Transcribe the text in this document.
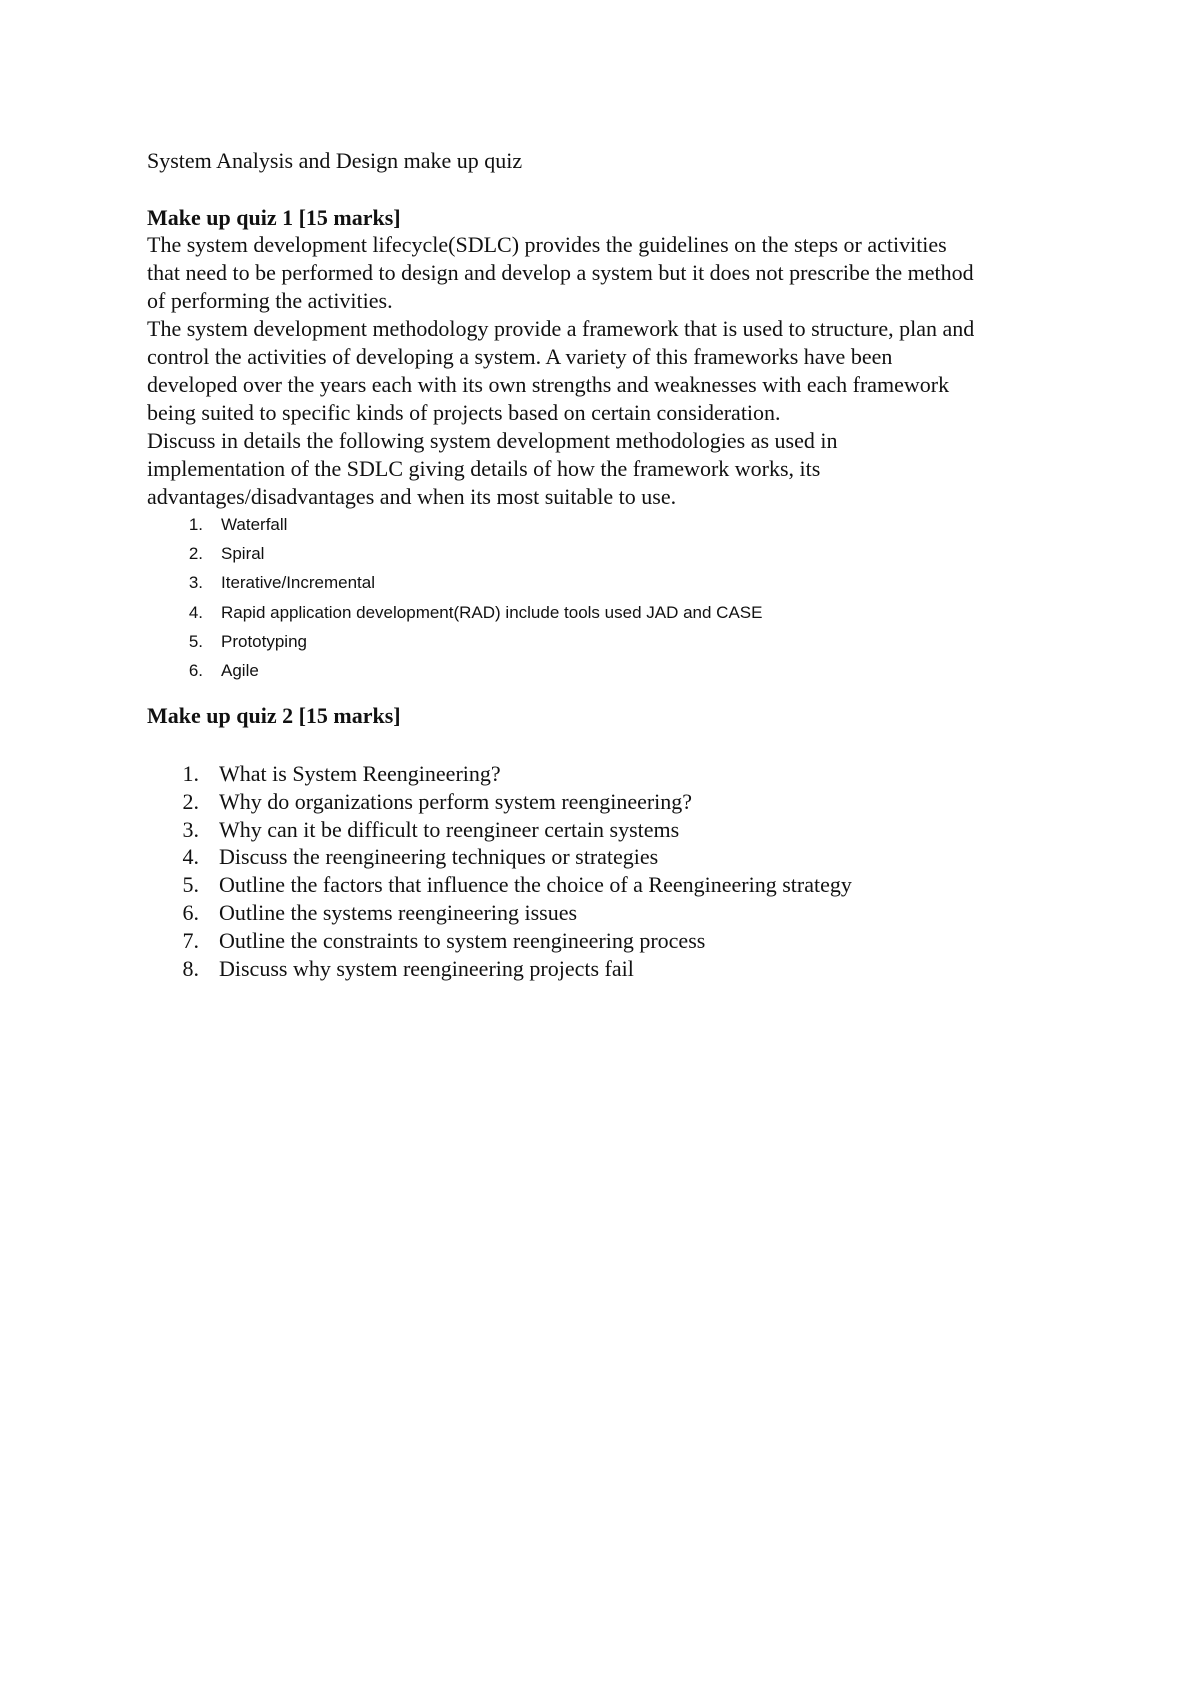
System Analysis and Design make up quiz
Make up quiz 1 [15 marks]
The system development lifecycle(SDLC) provides the guidelines on the steps or activities
that need to be performed to design and develop a system but it does not prescribe the method
of performing the activities.
The system development methodology provide a framework that is used to structure, plan and
control the activities of developing a system. A variety of this frameworks have been
developed over the years each with its own strengths and weaknesses with each framework
being suited to specific kinds of projects based on certain consideration.
Discuss in details the following system development methodologies as used in
implementation of the SDLC giving details of how the framework works, its
advantages/disadvantages and when its most suitable to use.
1. Waterfall
2. Spiral
3. Iterative/Incremental
4. Rapid application development(RAD) include tools used JAD and CASE
5. Prototyping
6. Agile
Make up quiz 2 [15 marks]
1. What is System Reengineering?
2. Why do organizations perform system reengineering?
3. Why can it be difficult to reengineer certain systems
4. Discuss the reengineering techniques or strategies
5. Outline the factors that influence the choice of a Reengineering strategy
6. Outline the systems reengineering issues
7. Outline the constraints to system reengineering process
8. Discuss why system reengineering projects fail
